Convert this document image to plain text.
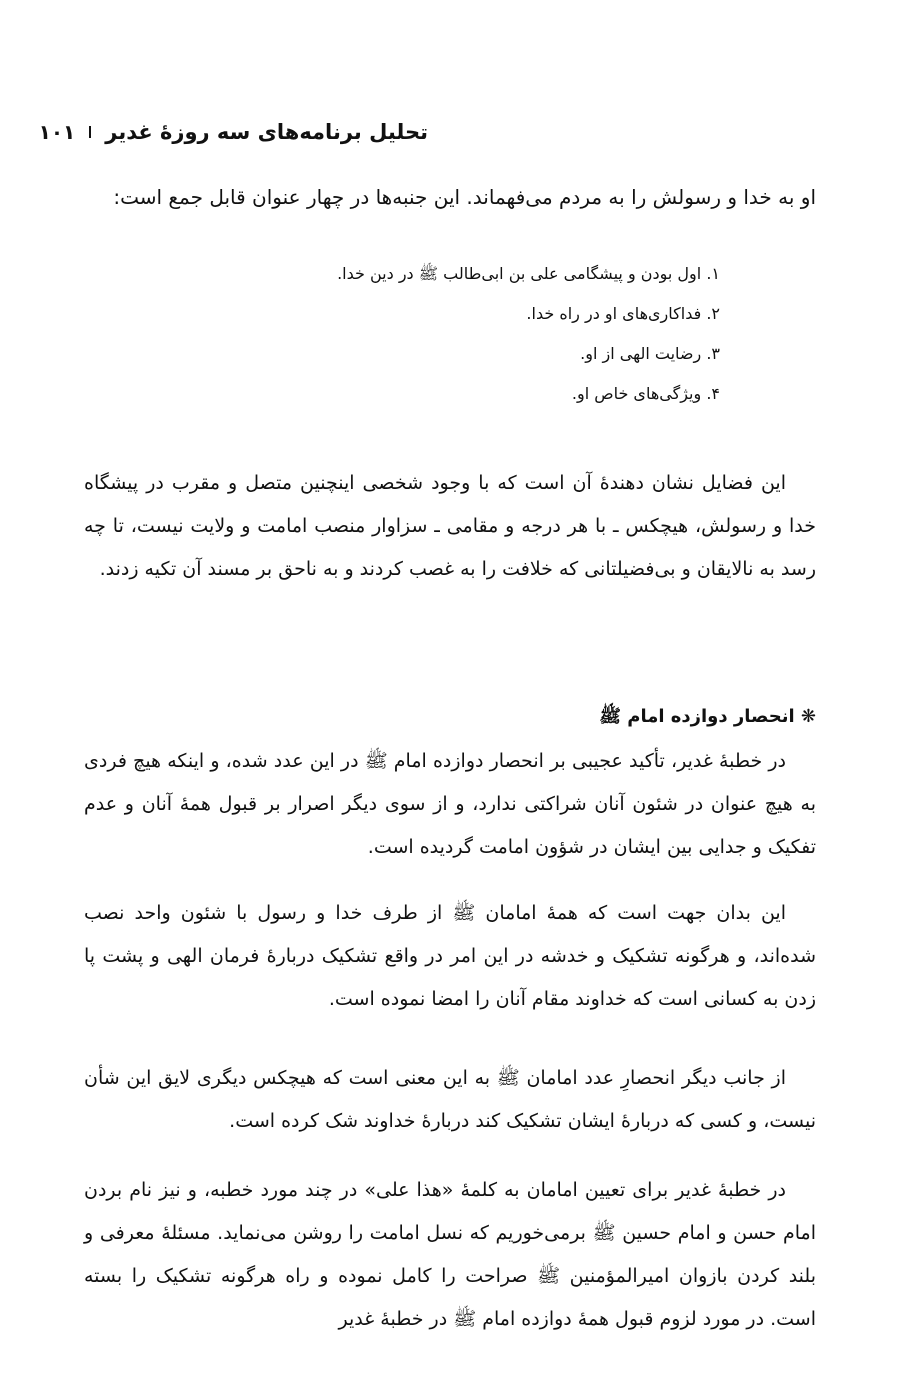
تحلیل برنامه‌های سه روزهٔ غدیر
۱۰۱
او به خدا و رسولش را به مردم می‌فهماند. این جنبه‌ها در چهار عنوان قابل جمع است:
۱. اول بودن و پیشگامی علی بن ابی‌طالب ﷺ در دین خدا.
۲. فداکاری‌های او در راه خدا.
۳. رضایت الهی از او.
۴. ویژگی‌های خاص او.

این فضایل نشان دهندهٔ آن است که با وجود شخصی اینچنین متصل و مقرب در پیشگاه خدا و رسولش، هیچکس ـ با هر درجه و مقامی ـ سزاوار منصب امامت و ولایت نیست، تا چه رسد به نالایقان و بی‌فضیلتانی که خلافت را به غصب کردند و به ناحق بر مسند آن تکیه زدند.

❋ انحصار دوازده امام ﷺ

در خطبهٔ غدیر، تأکید عجیبی بر انحصار دوازده امام ﷺ در این عدد شده، و اینکه هیچ فردی به هیچ عنوان در شئون آنان شراکتی ندارد، و از سوی دیگر اصرار بر قبول همهٔ آنان و عدم تفکیک و جدایی بین ایشان در شؤون امامت گردیده است.

این بدان جهت است که همهٔ امامان ﷺ از طرف خدا و رسول با شئون واحد نصب شده‌اند، و هرگونه تشکیک و خدشه در این امر در واقع تشکیک دربارهٔ فرمان الهی و پشت پا زدن به کسانی است که خداوند مقام آنان را امضا نموده است.

از جانب دیگر انحصارِ عدد امامان ﷺ به این معنی است که هیچکس دیگری لایق این شأن نیست، و کسی که دربارهٔ ایشان تشکیک کند دربارهٔ خداوند شک کرده است.

در خطبهٔ غدیر برای تعیین امامان به کلمهٔ «هذا علی» در چند مورد خطبه، و نیز نام بردن امام حسن و امام حسین ﷺ برمی‌خوریم که نسل امامت را روشن می‌نماید. مسئلهٔ معرفی و بلند کردن بازوان امیرالمؤمنین ﷺ صراحت را کامل نموده و راه هرگونه تشکیک را بسته است. در مورد لزوم قبول همهٔ دوازده امام ﷺ در خطبهٔ غدیر
